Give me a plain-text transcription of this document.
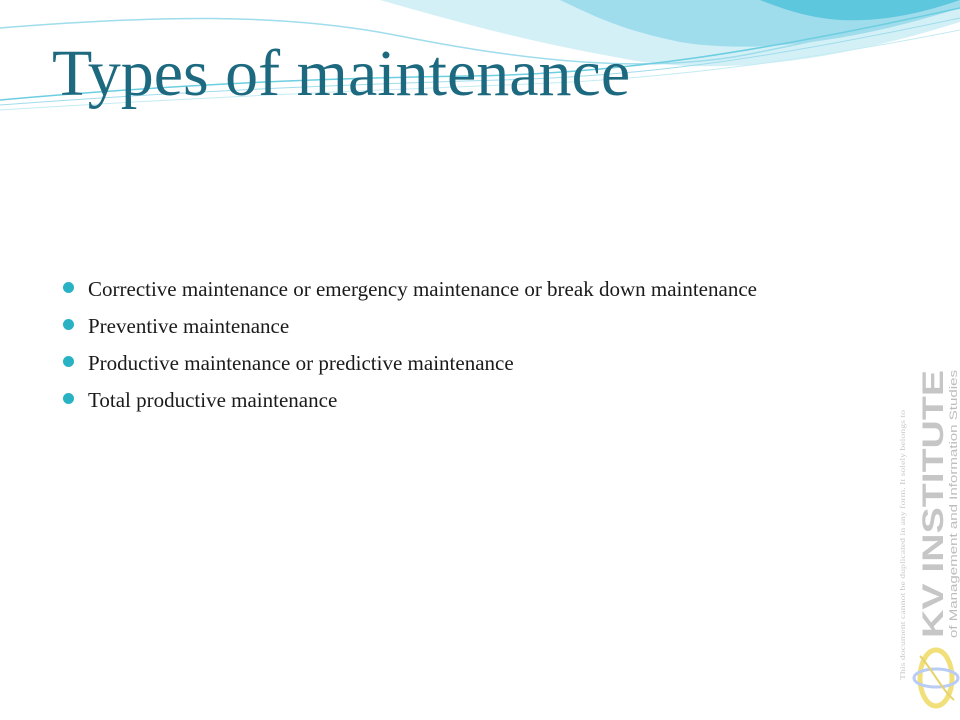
Types of maintenance
Corrective maintenance or emergency maintenance or break down maintenance
Preventive maintenance
Productive maintenance or predictive maintenance
Total productive maintenance
KV INSTITUTE
of Management and Information Studies
This document cannot be duplicated in any form. It solely belongs to
